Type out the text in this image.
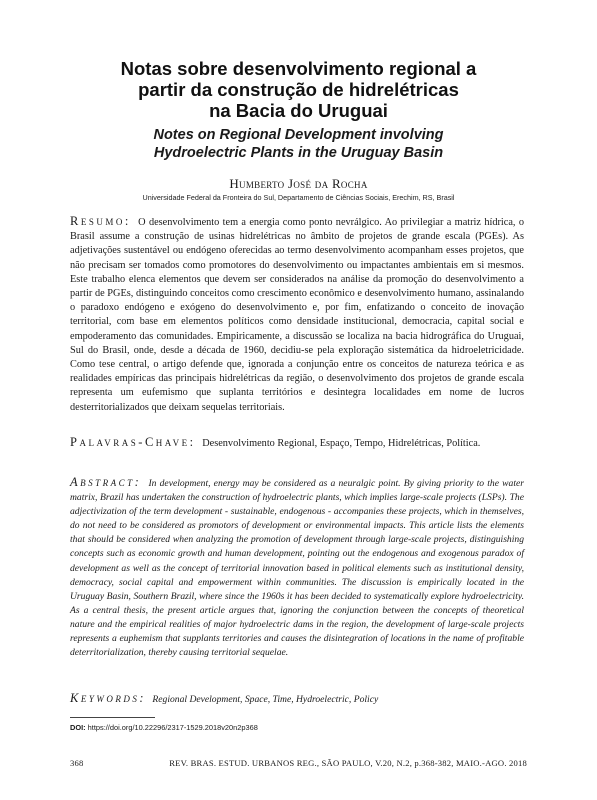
Notas sobre desenvolvimento regional a
partir da construção de hidrelétricas
na Bacia do Uruguai
Notes on Regional Development involving
Hydroelectric Plants in the Uruguay Basin
Humberto José da Rocha
Universidade Federal da Fronteira do Sul, Departamento de Ciências Sociais, Erechim, RS, Brasil
Resumo: O desenvolvimento tem a energia como ponto nevrálgico. Ao privilegiar a matriz hídrica, o Brasil assume a construção de usinas hidrelétricas no âmbito de projetos de grande escala (PGEs). As adjetivações sustentável ou endógeno oferecidas ao termo desenvolvimento acompanham esses projetos, que não precisam ser tomados como promotores do desenvolvimento ou impactantes ambientais em si mesmos. Este trabalho elenca elementos que devem ser considerados na análise da promoção do desenvolvimento a partir de PGEs, distinguindo conceitos como crescimento econômico e desenvolvimento humano, assinalando o paradoxo endógeno e exógeno do desenvolvimento e, por fim, enfatizando o conceito de inovação territorial, com base em elementos políticos como densidade institucional, democracia, capital social e empoderamento das comunidades. Empiricamente, a discussão se localiza na bacia hidrográfica do Uruguai, Sul do Brasil, onde, desde a década de 1960, decidiu-se pela exploração sistemática da hidroeletricidade. Como tese central, o artigo defende que, ignorada a conjunção entre os conceitos de natureza teórica e as realidades empíricas das principais hidrelétricas da região, o desenvolvimento dos projetos de grande escala representa um eufemismo que suplanta territórios e desintegra localidades em nome de lucros desterritorializados que deixam sequelas territoriais.
Palavras-Chave: Desenvolvimento Regional, Espaço, Tempo, Hidrelétricas, Política.
Abstract: In development, energy may be considered as a neuralgic point. By giving priority to the water matrix, Brazil has undertaken the construction of hydroelectric plants, which implies large-scale projects (LSPs). The adjectivization of the term development - sustainable, endogenous - accompanies these projects, which in themselves, do not need to be considered as promotors of development or environmental impacts. This article lists the elements that should be considered when analyzing the promotion of development through large-scale projects, distinguishing concepts such as economic growth and human development, pointing out the endogenous and exogenous paradox of development as well as the concept of territorial innovation based in political elements such as institutional density, democracy, social capital and empowerment within communities. The discussion is empirically located in the Uruguay Basin, Southern Brazil, where since the 1960s it has been decided to systematically explore hydroelectricity. As a central thesis, the present article argues that, ignoring the conjunction between the concepts of theoretical nature and the empirical realities of major hydroelectric dams in the region, the development of large-scale projects represents a euphemism that supplants territories and causes the disintegration of locations in the name of profitable deterritorialization, thereby causing territorial sequelae.
Keywords: Regional Development, Space, Time, Hydroelectric, Policy
DOI: https://doi.org/10.22296/2317-1529.2018v20n2p368
368	REV. BRAS. ESTUD. URBANOS REG., SÃO PAULO, V.20, N.2, p.368-382, MAIO.-AGO. 2018
